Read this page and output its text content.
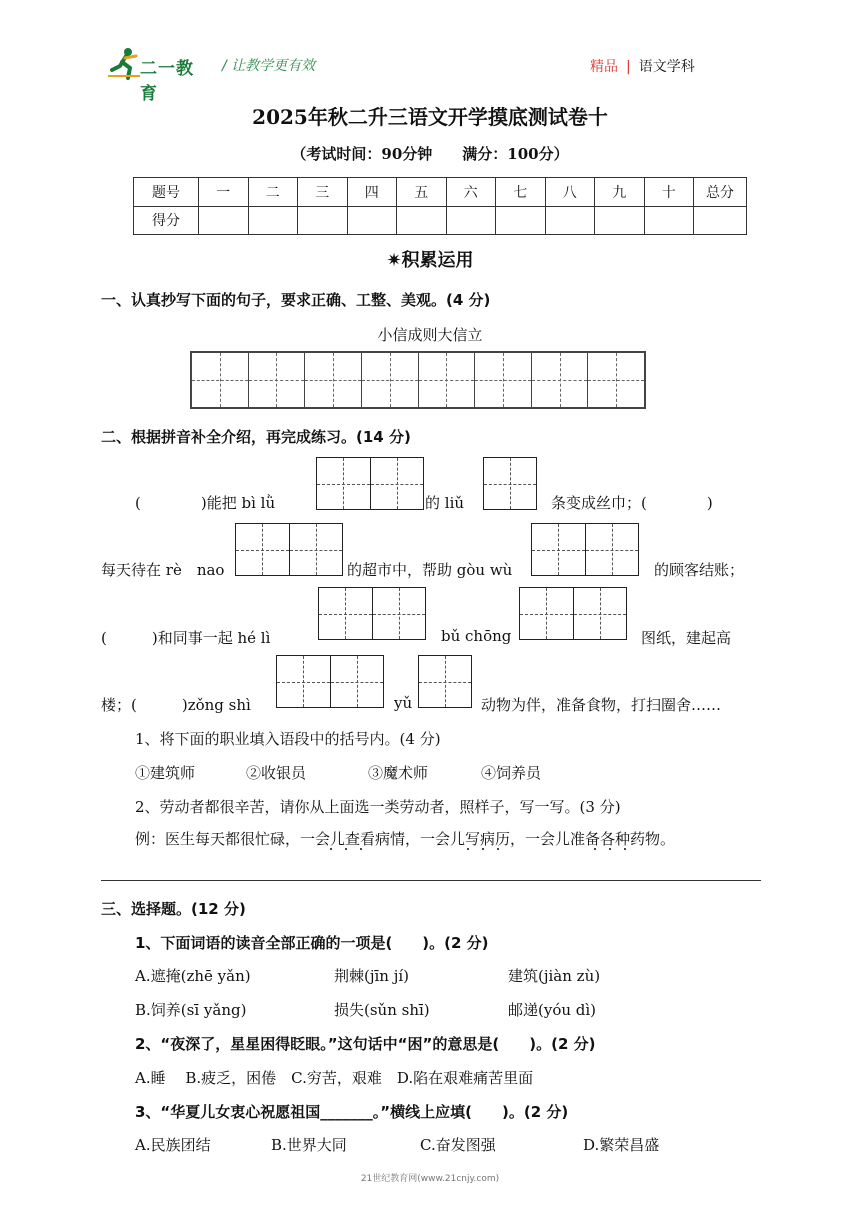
二一教育
/ 让教学更有效	精品 | 语文学科
2025年秋二升三语文开学摸底测试卷十
（考试时间：90分钟　　满分：100分）
题号	一	二	三	四	五	六	七	八	九	十	总分
得分											
✷积累运用
一、认真抄写下面的句子，要求正确、工整、美观。(4 分)
小信成则大信立
二、根据拼音补全介绍，再完成练习。(14 分)
(　　　　)能把 bì lǜ	的 liǔ	条变成丝巾；(　　　　)
每天待在 rè　nao	的超市中，帮助 gòu wù	的顾客结账；
(　　　)和同事一起 hé lì	bǔ chōng	图纸，建起高
楼；(　　　)zǒng shì	yǔ	动物为伴，准备食物，打扫圈舍……
1、将下面的职业填入语段中的括号内。(4 分)
①建筑师	②收银员	③魔术师	④饲养员
2、劳动者都很辛苦，请你从上面选一类劳动者，照样子，写一写。(3 分)
例：医生每天都很忙碌，一会儿查看病情，一会儿写病历，一会儿准备各种药物。
三、选择题。(12 分)
1、下面词语的读音全部正确的一项是(　　)。(2 分)
A.遮掩(zhē yǎn)	荆棘(jīn jí)	建筑(jiàn zù)
B.饲养(sī yǎng)	损失(sǔn shī)	邮递(yóu dì)
2、“夜深了，星星困得眨眼。”这句话中“困”的意思是(　　)。(2 分)
A.睡　 B.疲乏，困倦　C.穷苦，艰难　D.陷在艰难痛苦里面
3、“华夏儿女衷心祝愿祖国_______。”横线上应填(　　)。(2 分)
A.民族团结	B.世界大同	C.奋发图强	D.繁荣昌盛
21世纪教育网(www.21cnjy.com)
